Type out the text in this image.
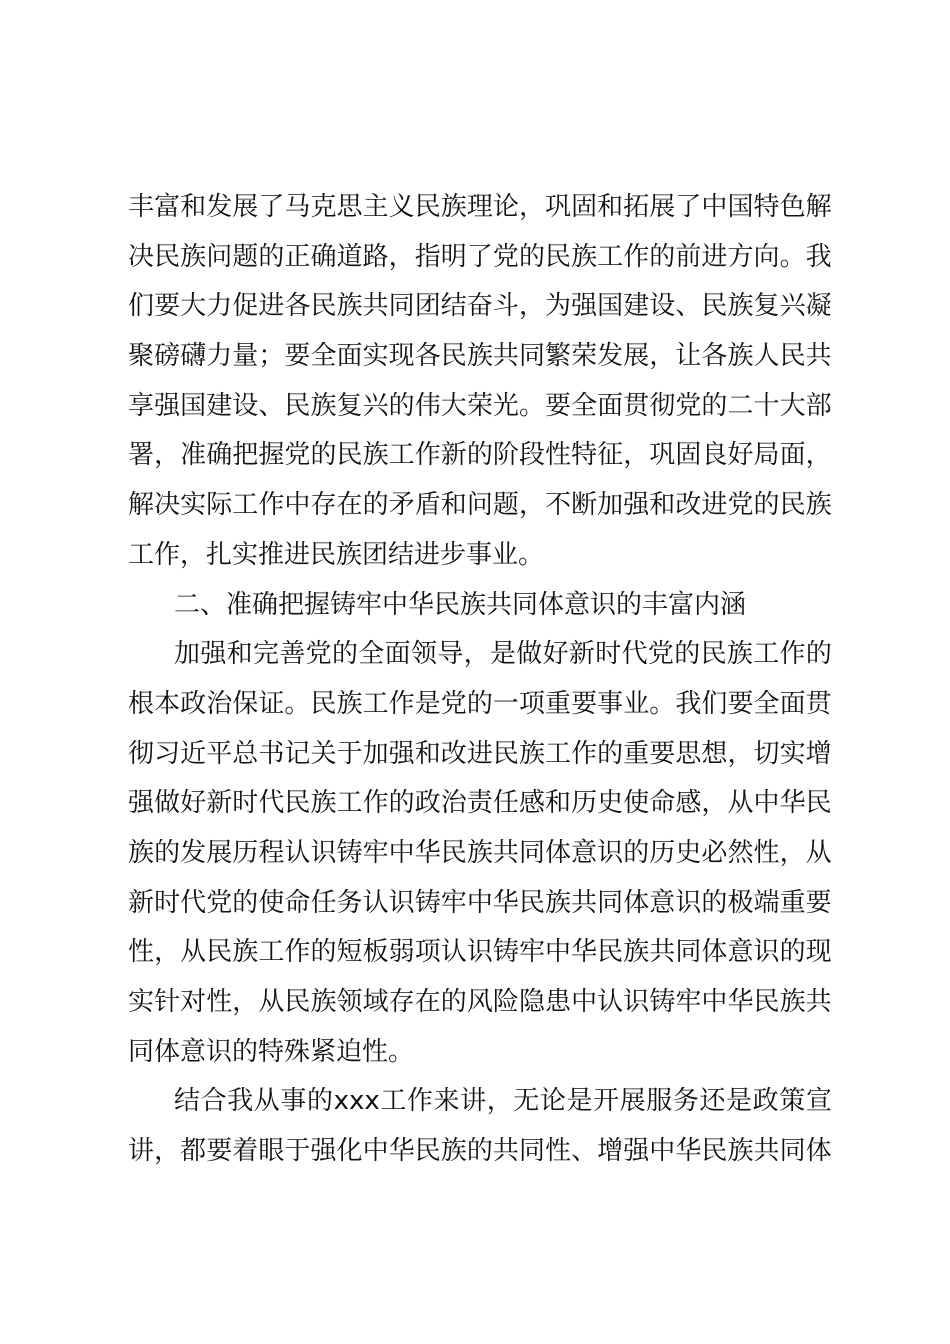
丰 富 和 发 展 了 马 克 思 主 义 民 族 理 论 ， 巩 固 和 拓 展 了 中 国 特 色 解
决 民 族 问 题 的 正 确 道 路 ， 指 明 了 党 的 民 族 工 作 的 前 进 方 向 。 我
们 要 大 力 促 进 各 民 族 共 同 团 结 奋 斗 ， 为 强 国 建 设 、 民 族 复 兴 凝
聚 磅 礴 力 量 ； 要 全 面 实 现 各 民 族 共 同 繁 荣 发 展 ， 让 各 族 人 民 共
享 强 国 建 设 、 民 族 复 兴 的 伟 大 荣 光 。 要 全 面 贯 彻 党 的 二 十 大 部
署 ， 准 确 把 握 党 的 民 族 工 作 新 的 阶 段 性 特 征 ， 巩 固 良 好 局 面 ，
解 决 实 际 工 作 中 存 在 的 矛 盾 和 问 题 ， 不 断 加 强 和 改 进 党 的 民 族
工作，扎实推进民族团结进步事业。
二、准确把握铸牢中华民族共同体意识的丰富内涵
加 强 和 完 善 党 的 全 面 领 导 ， 是 做 好 新 时 代 党 的 民 族 工 作 的
根 本 政 治 保 证 。 民 族 工 作 是 党 的 一 项 重 要 事 业 。 我 们 要 全 面 贯
彻 习 近 平 总 书 记 关 于 加 强 和 改 进 民 族 工 作 的 重 要 思 想 ， 切 实 增
强 做 好 新 时 代 民 族 工 作 的 政 治 责 任 感 和 历 史 使 命 感 ， 从 中 华 民
族 的 发 展 历 程 认 识 铸 牢 中 华 民 族 共 同 体 意 识 的 历 史 必 然 性 ， 从
新 时 代 党 的 使 命 任 务 认 识 铸 牢 中 华 民 族 共 同 体 意 识 的 极 端 重 要
性 ， 从 民 族 工 作 的 短 板 弱 项 认 识 铸 牢 中 华 民 族 共 同 体 意 识 的 现
实 针 对 性 ， 从 民 族 领 域 存 在 的 风 险 隐 患 中 认 识 铸 牢 中 华 民 族 共
同体意识的特殊紧迫性。
结 合 我 从 事 的 xxx 工 作 来 讲 ， 无 论 是 开 展 服 务 还 是 政 策 宣
讲 ， 都 要 着 眼 于 强 化 中 华 民 族 的 共 同 性 、 增 强 中 华 民 族 共 同 体
